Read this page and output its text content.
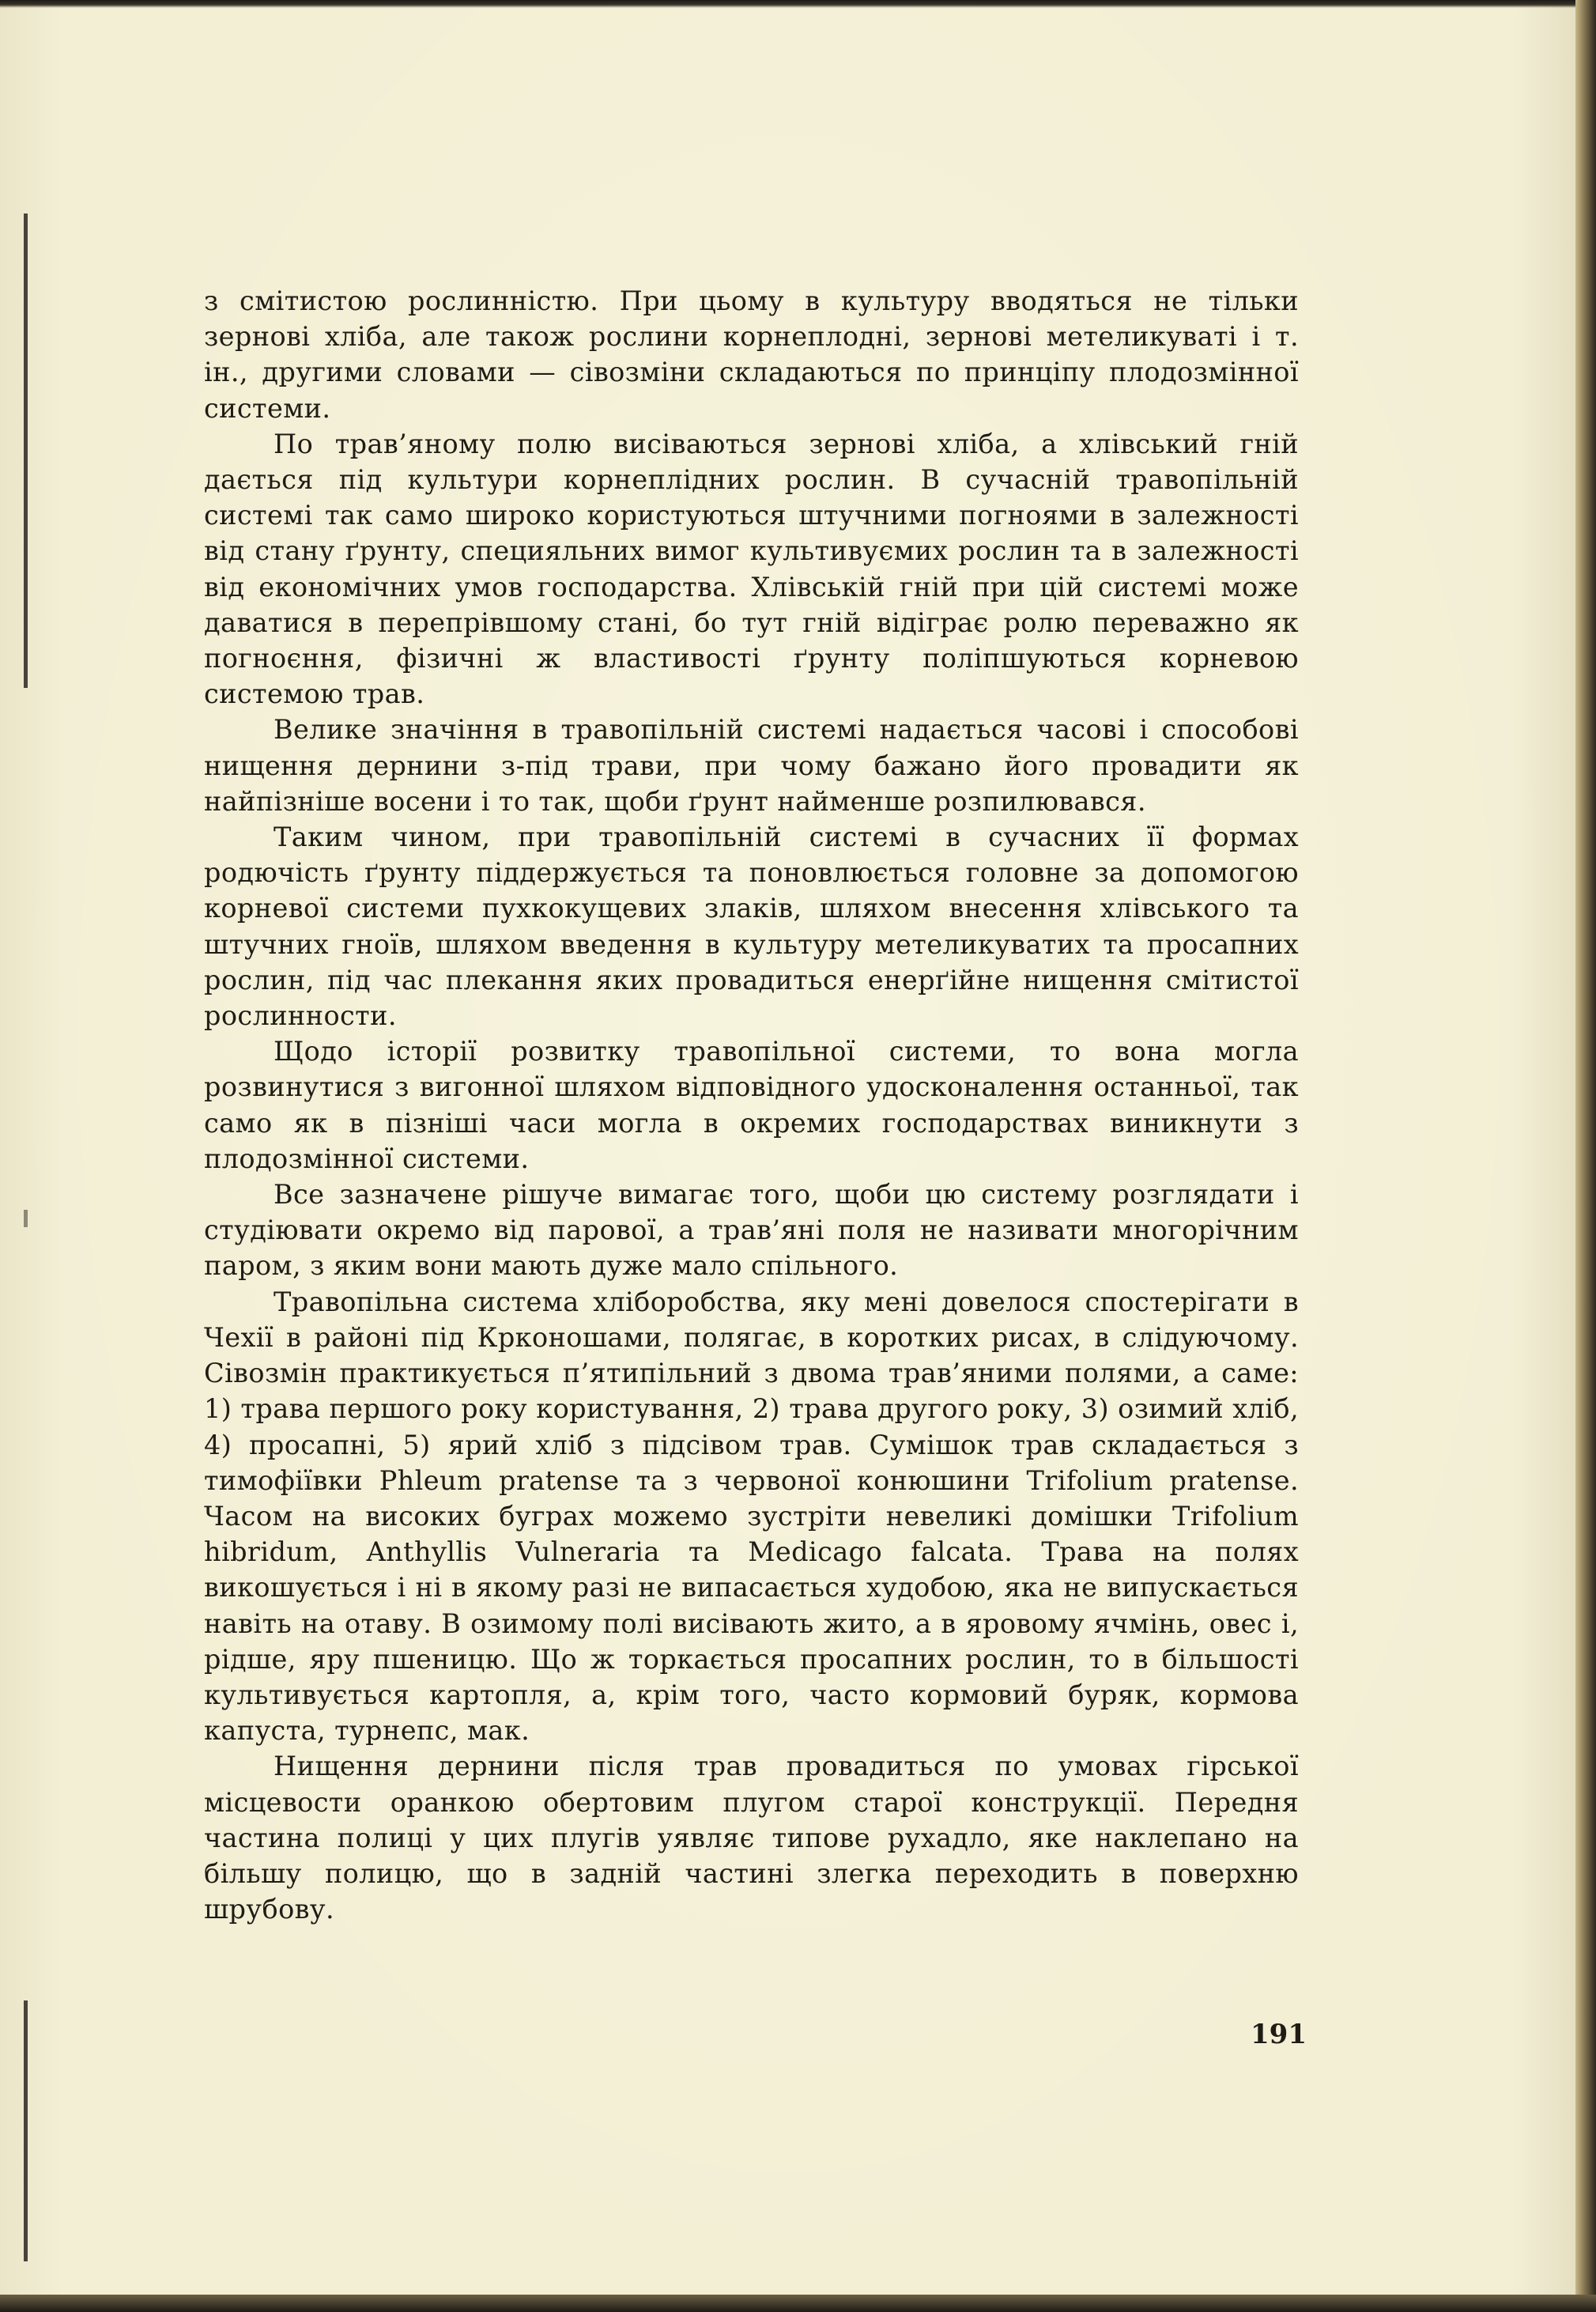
з смітистою рослинністю. При цьому в культуру вводяться не тільки зернові хліба, але також рослини корнеплодні, зернові метеликуваті і т. ін., другими словами — сівозміни складаються по принціпу плодозмінної системи.

По трав’яному полю висіваються зернові хліба, а хлівський гній дається під культури корнеплідних рослин. В сучасній травопільній системі так само широко користуються штучними погноями в залежності від стану ґрунту, специяльних вимог культивуємих рослин та в залежності від економічних умов господарства. Хлівській гній при цій системі може даватися в перепрівшому стані, бо тут гній відіграє ролю переважно як погноєння, фізичні ж властивості ґрунту поліпшуються корневою системою трав.

Велике значіння в травопільній системі надається часові і способові нищення дернини з-під трави, при чому бажано його провадити як найпізніше восени і то так, щоби ґрунт найменше розпилювався.

Таким чином, при травопільній системі в сучасних її формах родючість ґрунту піддержується та поновлюється головне за допомогою корневої системи пухкокущевих злаків, шляхом внесення хлівського та штучних гноїв, шляхом введення в культуру метеликуватих та просапних рослин, під час плекання яких провадиться енерґійне нищення смітистої рослинности.

Щодо історії розвитку травопільної системи, то вона могла розвинутися з вигонної шляхом відповідного удосконалення останньої, так само як в пізніші часи могла в окремих господарствах виникнути з плодозмінної системи.

Все зазначене рішуче вимагає того, щоби цю систему розглядати і студіювати окремо від парової, а трав’яні поля не називати многорічним паром, з яким вони мають дуже мало спільного.

Травопільна система хліборобства, яку мені довелося спостерігати в Чехії в районі під Крконошами, полягає, в коротких рисах, в слідуючому. Сівозмін практикується п’ятипільний з двома трав’яними полями, а саме: 1) трава першого року користування, 2) трава другого року, 3) озимий хліб, 4) просапні, 5) ярий хліб з підсівом трав. Сумішок трав складається з тимофіївки Phleum pratense та з червоної конюшини Trifolium pratense. Часом на високих буграх можемо зустріти невеликі домішки Trifolium hibridum, Anthyllis Vulneraria та Medicago falcata. Трава на полях викошується і ні в якому разі не випасається худобою, яка не випускається навіть на отаву. В озимому полі висівають жито, а в яровому ячмінь, овес і, рідше, яру пшеницю. Що ж торкається просапних рослин, то в більшості культивується картопля, а, крім того, часто кормовий буряк, кормова капуста, турнепс, мак.

Нищення дернини після трав провадиться по умовах гірської місцевости оранкою обертовим плугом старої конструкції. Передня частина полиці у цих плугів уявляє типове рухадло, яке наклепано на більшу полицю, що в задній частині злегка переходить в поверхню шрубову.

191
